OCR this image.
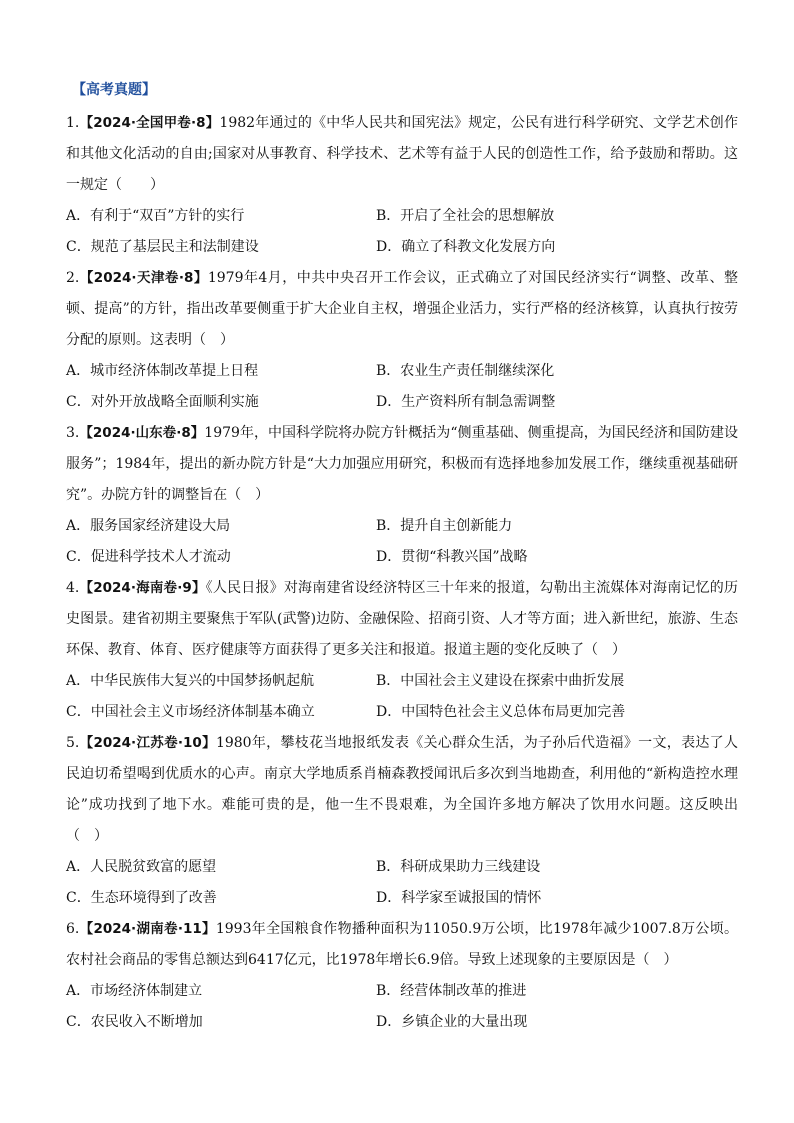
【高考真题】

1.【2024·全国甲卷·8】1982年通过的《中华人民共和国宪法》规定，公民有进行科学研究、文学艺术创作和其他文化活动的自由;国家对从事教育、科学技术、艺术等有益于人民的创造性工作，给予鼓励和帮助。这一规定（　　）

A．有利于“双百”方针的实行	B．开启了全社会的思想解放
C．规范了基层民主和法制建设	D．确立了科教文化发展方向

2.【2024·天津卷·8】1979年4月，中共中央召开工作会议，正式确立了对国民经济实行“调整、改革、整顿、提高”的方针，指出改革要侧重于扩大企业自主权，增强企业活力，实行严格的经济核算，认真执行按劳分配的原则。这表明（　）

A．城市经济体制改革提上日程	B．农业生产责任制继续深化
C．对外开放战略全面顺利实施	D．生产资料所有制急需调整

3.【2024·山东卷·8】1979年，中国科学院将办院方针概括为“侧重基础、侧重提高，为国民经济和国防建设服务”；1984年，提出的新办院方针是“大力加强应用研究，积极而有选择地参加发展工作，继续重视基础研究”。办院方针的调整旨在（　）

A．服务国家经济建设大局	B．提升自主创新能力
C．促进科学技术人才流动	D．贯彻“科教兴国”战略

4.【2024·海南卷·9】《人民日报》对海南建省设经济特区三十年来的报道，勾勒出主流媒体对海南记忆的历史图景。建省初期主要聚焦于军队(武警)边防、金融保险、招商引资、人才等方面；进入新世纪，旅游、生态环保、教育、体育、医疗健康等方面获得了更多关注和报道。报道主题的变化反映了（　）

A．中华民族伟大复兴的中国梦扬帆起航	B．中国社会主义建设在探索中曲折发展
C．中国社会主义市场经济体制基本确立	D．中国特色社会主义总体布局更加完善

5.【2024·江苏卷·10】1980年，攀枝花当地报纸发表《关心群众生活，为子孙后代造福》一文，表达了人民迫切希望喝到优质水的心声。南京大学地质系肖楠森教授闻讯后多次到当地勘查，利用他的“新构造控水理论”成功找到了地下水。难能可贵的是，他一生不畏艰难，为全国许多地方解决了饮用水问题。这反映出（　）

A．人民脱贫致富的愿望	B．科研成果助力三线建设
C．生态环境得到了改善	D．科学家至诚报国的情怀

6.【2024·湖南卷·11】1993年全国粮食作物播种面积为11050.9万公顷，比1978年减少1007.8万公顷。农村社会商品的零售总额达到6417亿元，比1978年增长6.9倍。导致上述现象的主要原因是（　）

A．市场经济体制建立	B．经营体制改革的推进
C．农民收入不断增加	D．乡镇企业的大量出现
